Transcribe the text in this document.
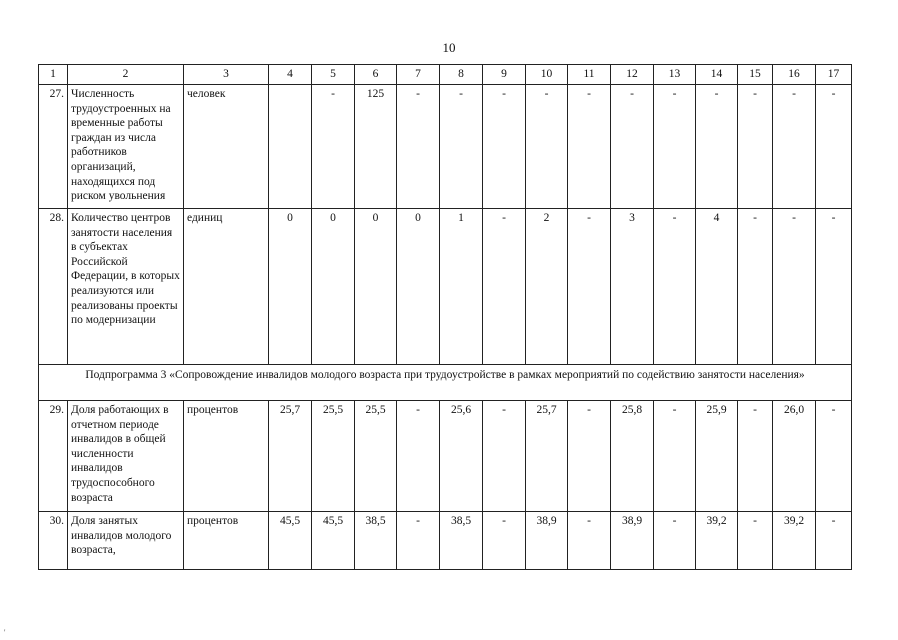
10
1	2	3	4	5	6	7	8	9	10	11	12	13	14	15	16	17
27.	Численность трудоустроенных на временные работы граждан из числа работников организаций, находящихся под риском увольнения	человек		-	125	-	-	-	-	-	-	-	-	-	-	-
28.	Количество центров занятости населения в субъектах Российской Федерации, в которых реализуются или реализованы проекты по модернизации	единиц	0	0	0	0	1	-	2	-	3	-	4	-	-	-
Подпрограмма 3 «Сопровождение инвалидов молодого возраста при трудоустройстве в рамках мероприятий по содействию занятости населения»																
29.	Доля работающих в отчетном периоде инвалидов в общей численности инвалидов трудоспособного возраста	процентов	25,7	25,5	25,5	-	25,6	-	25,7	-	25,8	-	25,9	-	26,0	-
30.	Доля занятых инвалидов молодого возраста,	процентов	45,5	45,5	38,5	-	38,5	-	38,9	-	38,9	-	39,2	-	39,2	-
'
